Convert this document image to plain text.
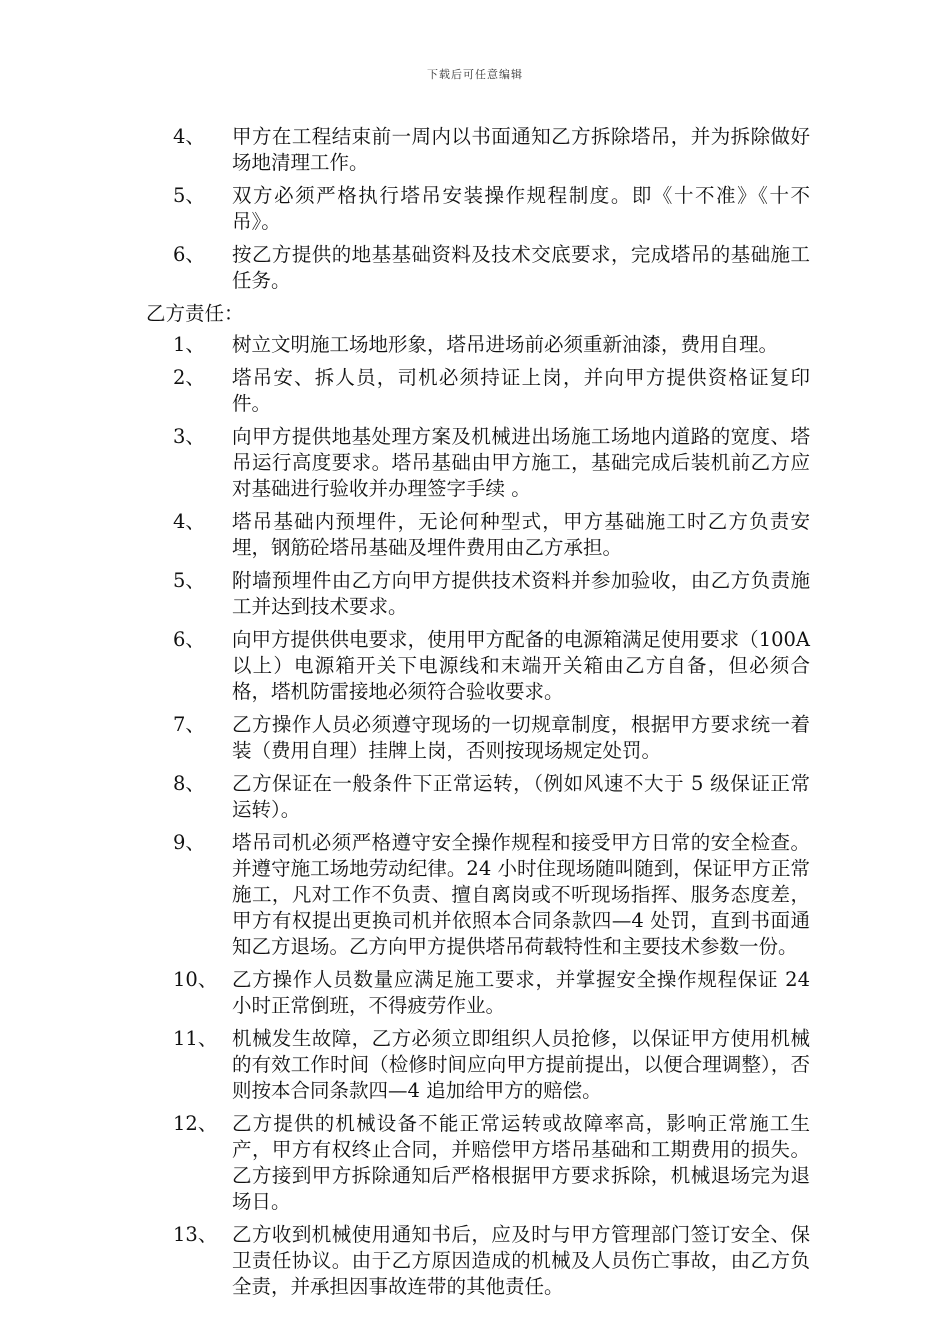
下载后可任意编辑
4、 甲方在工程结束前一周内以书面通知乙方拆除塔吊，并为拆除做好场地清理工作。
5、 双方必须严格执行塔吊安装操作规程制度。即《十不准》《十不吊》。
6、 按乙方提供的地基基础资料及技术交底要求，完成塔吊的基础施工任务。
乙方责任：
1、 树立文明施工场地形象，塔吊进场前必须重新油漆，费用自理。
2、 塔吊安、拆人员，司机必须持证上岗，并向甲方提供资格证复印件。
3、 向甲方提供地基处理方案及机械进出场施工场地内道路的宽度、塔吊运行高度要求。塔吊基础由甲方施工，基础完成后装机前乙方应对基础进行验收并办理签字手续 。
4、 塔吊基础内预埋件，无论何种型式，甲方基础施工时乙方负责安埋，钢筋砼塔吊基础及埋件费用由乙方承担。
5、 附墙预埋件由乙方向甲方提供技术资料并参加验收，由乙方负责施工并达到技术要求。
6、 向甲方提供供电要求，使用甲方配备的电源箱满足使用要求（100A 以上）电源箱开关下电源线和末端开关箱由乙方自备，但必须合格，塔机防雷接地必须符合验收要求。
7、 乙方操作人员必须遵守现场的一切规章制度，根据甲方要求统一着装（费用自理）挂牌上岗，否则按现场规定处罚。
8、 乙方保证在一般条件下正常运转，（例如风速不大于 5 级保证正常运转）。
9、 塔吊司机必须严格遵守安全操作规程和接受甲方日常的安全检查。并遵守施工场地劳动纪律。24 小时住现场随叫随到，保证甲方正常施工，凡对工作不负责、擅自离岗或不听现场指挥、服务态度差，甲方有权提出更换司机并依照本合同条款四—4 处罚，直到书面通知乙方退场。乙方向甲方提供塔吊荷载特性和主要技术参数一份。
10、 乙方操作人员数量应满足施工要求，并掌握安全操作规程保证 24 小时正常倒班，不得疲劳作业。
11、 机械发生故障，乙方必须立即组织人员抢修，以保证甲方使用机械的有效工作时间（检修时间应向甲方提前提出，以便合理调整），否则按本合同条款四—4 追加给甲方的赔偿。
12、 乙方提供的机械设备不能正常运转或故障率高，影响正常施工生产，甲方有权终止合同，并赔偿甲方塔吊基础和工期费用的损失。乙方接到甲方拆除通知后严格根据甲方要求拆除，机械退场完为退场日。
13、 乙方收到机械使用通知书后，应及时与甲方管理部门签订安全、保卫责任协议。由于乙方原因造成的机械及人员伤亡事故，由乙方负全责，并承担因事故连带的其他责任。
